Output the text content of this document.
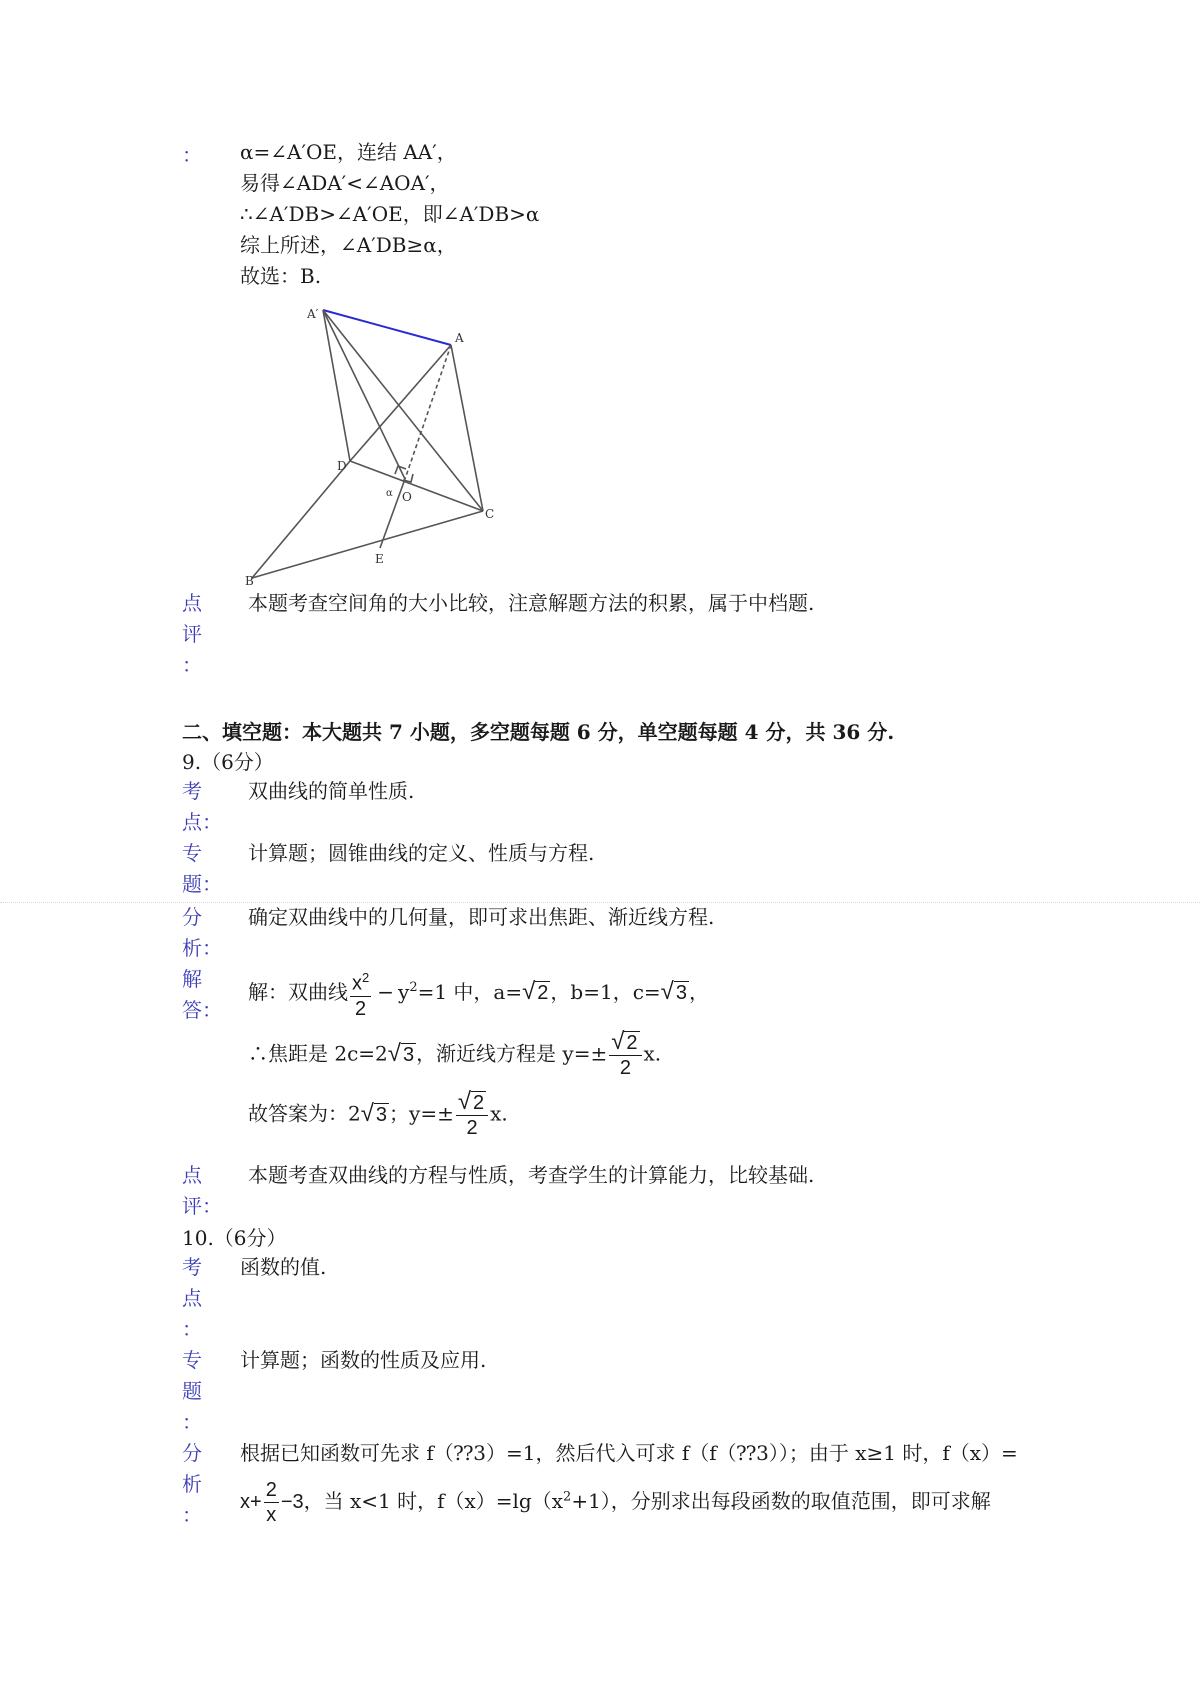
：	α=∠A′OE，连结 AA′，
易得∠ADA′<∠AOA′，
∴∠A′DB>∠A′OE，即∠A′DB>α
综上所述，∠A′DB≥α，
故选：B.
A′
A
D
O
α
C
E
B
点
评
：
本题考查空间角的大小比较，注意解题方法的积累，属于中档题.
二、填空题：本大题共 7 小题，多空题每题 6 分，单空题每题 4 分，共 36 分.
9.（6分）
考
点：
双曲线的简单性质.
专
题：
计算题；圆锥曲线的定义、性质与方程.
分
析：
确定双曲线中的几何量，即可求出焦距、渐近线方程.
解
答：
解：双曲线 $\frac{x^2}{2} - y^2=1$ 中，a=√ 2 ，b=1，c=√ 3 ，
∴焦距是 2c=2√ 3 ，渐近线方程是 $y=\pm \frac{√ 2}{2} x$.
故答案为：2√ 3 ；$y=\pm \frac{√ 2}{2} x$.
点
评：
本题考查双曲线的方程与性质，考查学生的计算能力，比较基础.
10.（6分）
考
点
：
函数的值.
专
题
：
计算题；函数的性质及应用.
分
析
：
根据已知函数可先求 f（⁇3）=1，然后代入可求 f（f（⁇3））；由于 x≥1 时，f（x）=
$x+ \frac{2}{x} -3$，当 x<1 时，$f(x)=\lg(x^2+1)$，分别求出每段函数的取值范围，即可求解
